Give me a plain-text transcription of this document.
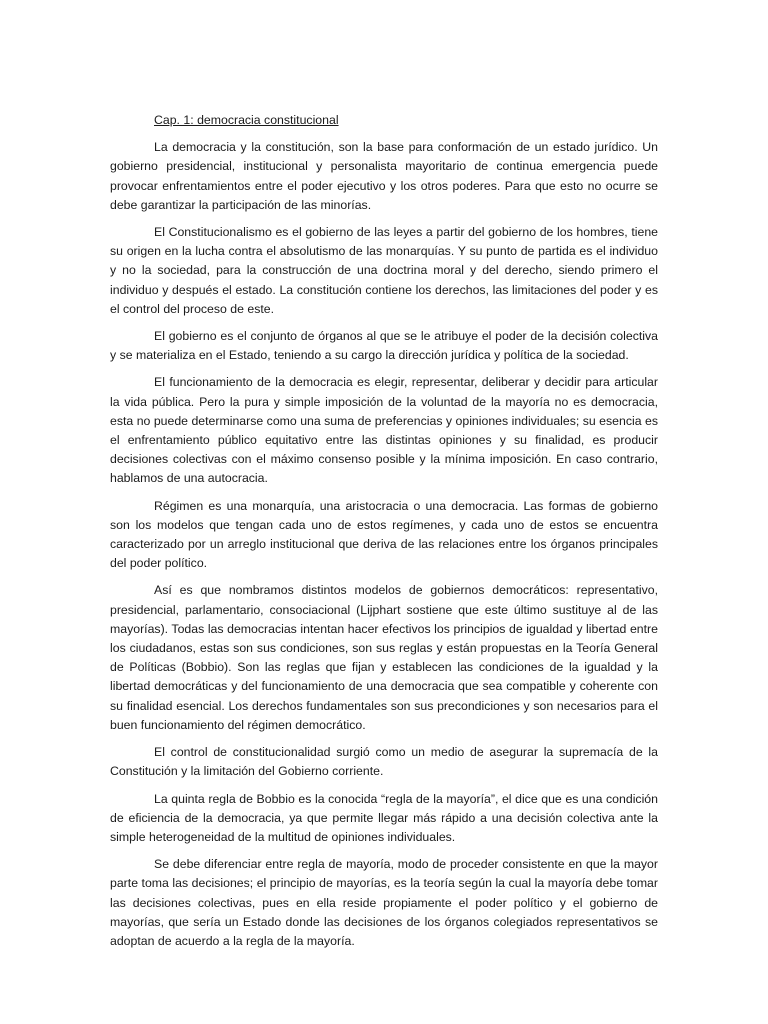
Cap. 1: democracia constitucional

La democracia y la constitución, son la base para conformación de un estado jurídico. Un gobierno presidencial, institucional y personalista mayoritario de continua emergencia puede provocar enfrentamientos entre el poder ejecutivo y los otros poderes. Para que esto no ocurre se debe garantizar la participación de las minorías.

El Constitucionalismo es el gobierno de las leyes a partir del gobierno de los hombres, tiene su origen en la lucha contra el absolutismo de las monarquías. Y su punto de partida es el individuo y no la sociedad, para la construcción de una doctrina moral y del derecho, siendo primero el individuo y después el estado. La constitución contiene los derechos, las limitaciones del poder y es el control del proceso de este.

El gobierno es el conjunto de órganos al que se le atribuye el poder de la decisión colectiva y se materializa en el Estado, teniendo a su cargo la dirección jurídica y política de la sociedad.

El funcionamiento de la democracia es elegir, representar, deliberar y decidir para articular la vida pública. Pero la pura y simple imposición de la voluntad de la mayoría no es democracia, esta no puede determinarse como una suma de preferencias y opiniones individuales; su esencia es el enfrentamiento público equitativo entre las distintas opiniones y su finalidad, es producir decisiones colectivas con el máximo consenso posible y la mínima imposición. En caso contrario, hablamos de una autocracia.

Régimen es una monarquía, una aristocracia o una democracia. Las formas de gobierno son los modelos que tengan cada uno de estos regímenes, y cada uno de estos se encuentra caracterizado por un arreglo institucional que deriva de las relaciones entre los órganos principales del poder político.

Así es que nombramos distintos modelos de gobiernos democráticos: representativo, presidencial, parlamentario, consociacional (Lijphart sostiene que este último sustituye al de las mayorías). Todas las democracias intentan hacer efectivos los principios de igualdad y libertad entre los ciudadanos, estas son sus condiciones, son sus reglas y están propuestas en la Teoría General de Políticas (Bobbio). Son las reglas que fijan y establecen las condiciones de la igualdad y la libertad democráticas y del funcionamiento de una democracia que sea compatible y coherente con su finalidad esencial. Los derechos fundamentales son sus precondiciones y son necesarios para el buen funcionamiento del régimen democrático.

El control de constitucionalidad surgió como un medio de asegurar la supremacía de la Constitución y la limitación del Gobierno corriente.

La quinta regla de Bobbio es la conocida “regla de la mayoría”, el dice que es una condición de eficiencia de la democracia, ya que permite llegar más rápido a una decisión colectiva ante la simple heterogeneidad de la multitud de opiniones individuales.

Se debe diferenciar entre regla de mayoría, modo de proceder consistente en que la mayor parte toma las decisiones; el principio de mayorías, es la teoría según la cual la mayoría debe tomar las decisiones colectivas, pues en ella reside propiamente el poder político y el gobierno de mayorías, que sería un Estado donde las decisiones de los órganos colegiados representativos se adoptan de acuerdo a la regla de la mayoría.
